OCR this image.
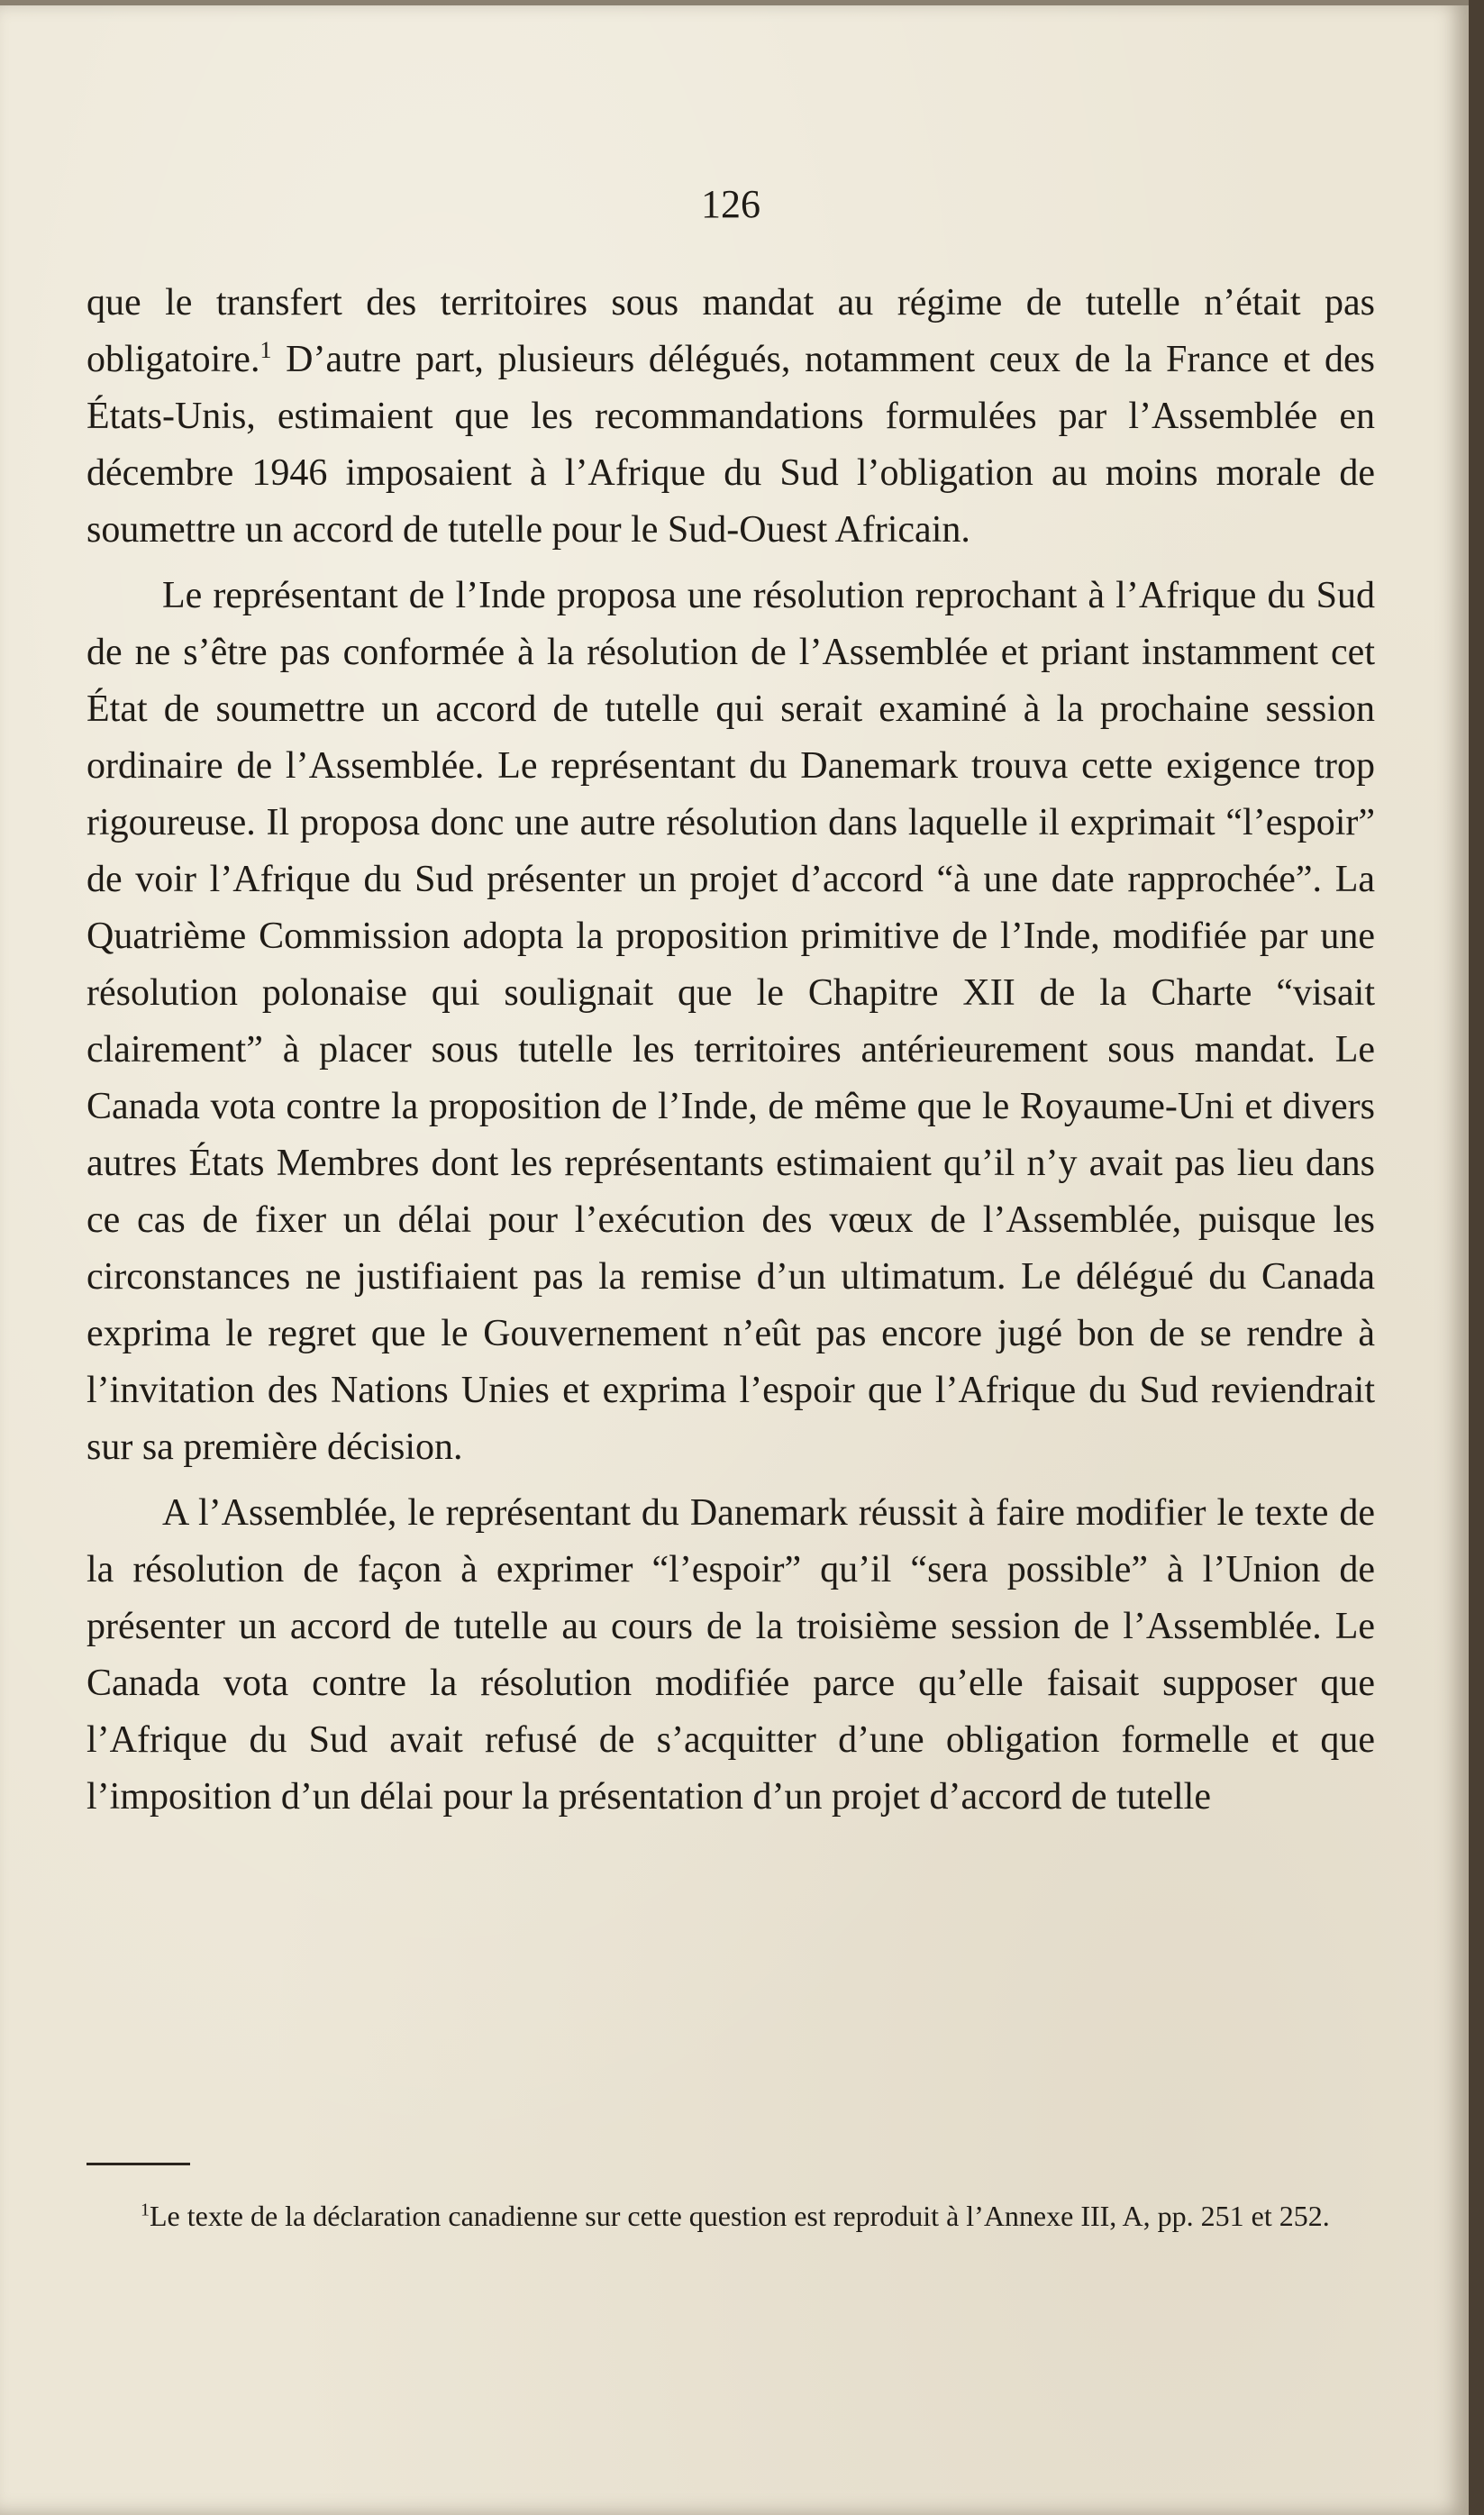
126

que le transfert des territoires sous mandat au régime de tutelle n’était pas obligatoire.$^1$ D’autre part, plusieurs délégués, notamment ceux de la France et des États-Unis, estimaient que les recommandations formulées par l’Assemblée en décembre 1946 imposaient à l’Afrique du Sud l’obligation au moins morale de soumettre un accord de tutelle pour le Sud-Ouest Africain.

Le représentant de l’Inde proposa une résolution reprochant à l’Afrique du Sud de ne s’être pas conformée à la résolution de l’Assemblée et priant instamment cet État de soumettre un accord de tutelle qui serait examiné à la prochaine session ordinaire de l’Assemblée. Le représentant du Danemark trouva cette exigence trop rigoureuse. Il proposa donc une autre résolution dans laquelle il exprimait “l’espoir” de voir l’Afrique du Sud présenter un projet d’accord “à une date rapprochée”. La Quatrième Commission adopta la proposition primitive de l’Inde, modifiée par une résolution polonaise qui soulignait que le Chapitre XII de la Charte “visait clairement” à placer sous tutelle les territoires antérieurement sous mandat. Le Canada vota contre la proposition de l’Inde, de même que le Royaume-Uni et divers autres États Membres dont les représentants estimaient qu’il n’y avait pas lieu dans ce cas de fixer un délai pour l’exécution des vœux de l’Assemblée, puisque les circonstances ne justifiaient pas la remise d’un ultimatum. Le délégué du Canada exprima le regret que le Gouvernement n’eût pas encore jugé bon de se rendre à l’invitation des Nations Unies et exprima l’espoir que l’Afrique du Sud reviendrait sur sa première décision.

A l’Assemblée, le représentant du Danemark réussit à faire modifier le texte de la résolution de façon à exprimer “l’espoir” qu’il “sera possible” à l’Union de présenter un accord de tutelle au cours de la troisième session de l’Assemblée. Le Canada vota contre la résolution modifiée parce qu’elle faisait supposer que l’Afrique du Sud avait refusé de s’acquitter d’une obligation formelle et que l’imposition d’un délai pour la présentation d’un projet d’accord de tutelle

$^1$Le texte de la déclaration canadienne sur cette question est reproduit à l’Annexe III, A, pp. 251 et 252.
